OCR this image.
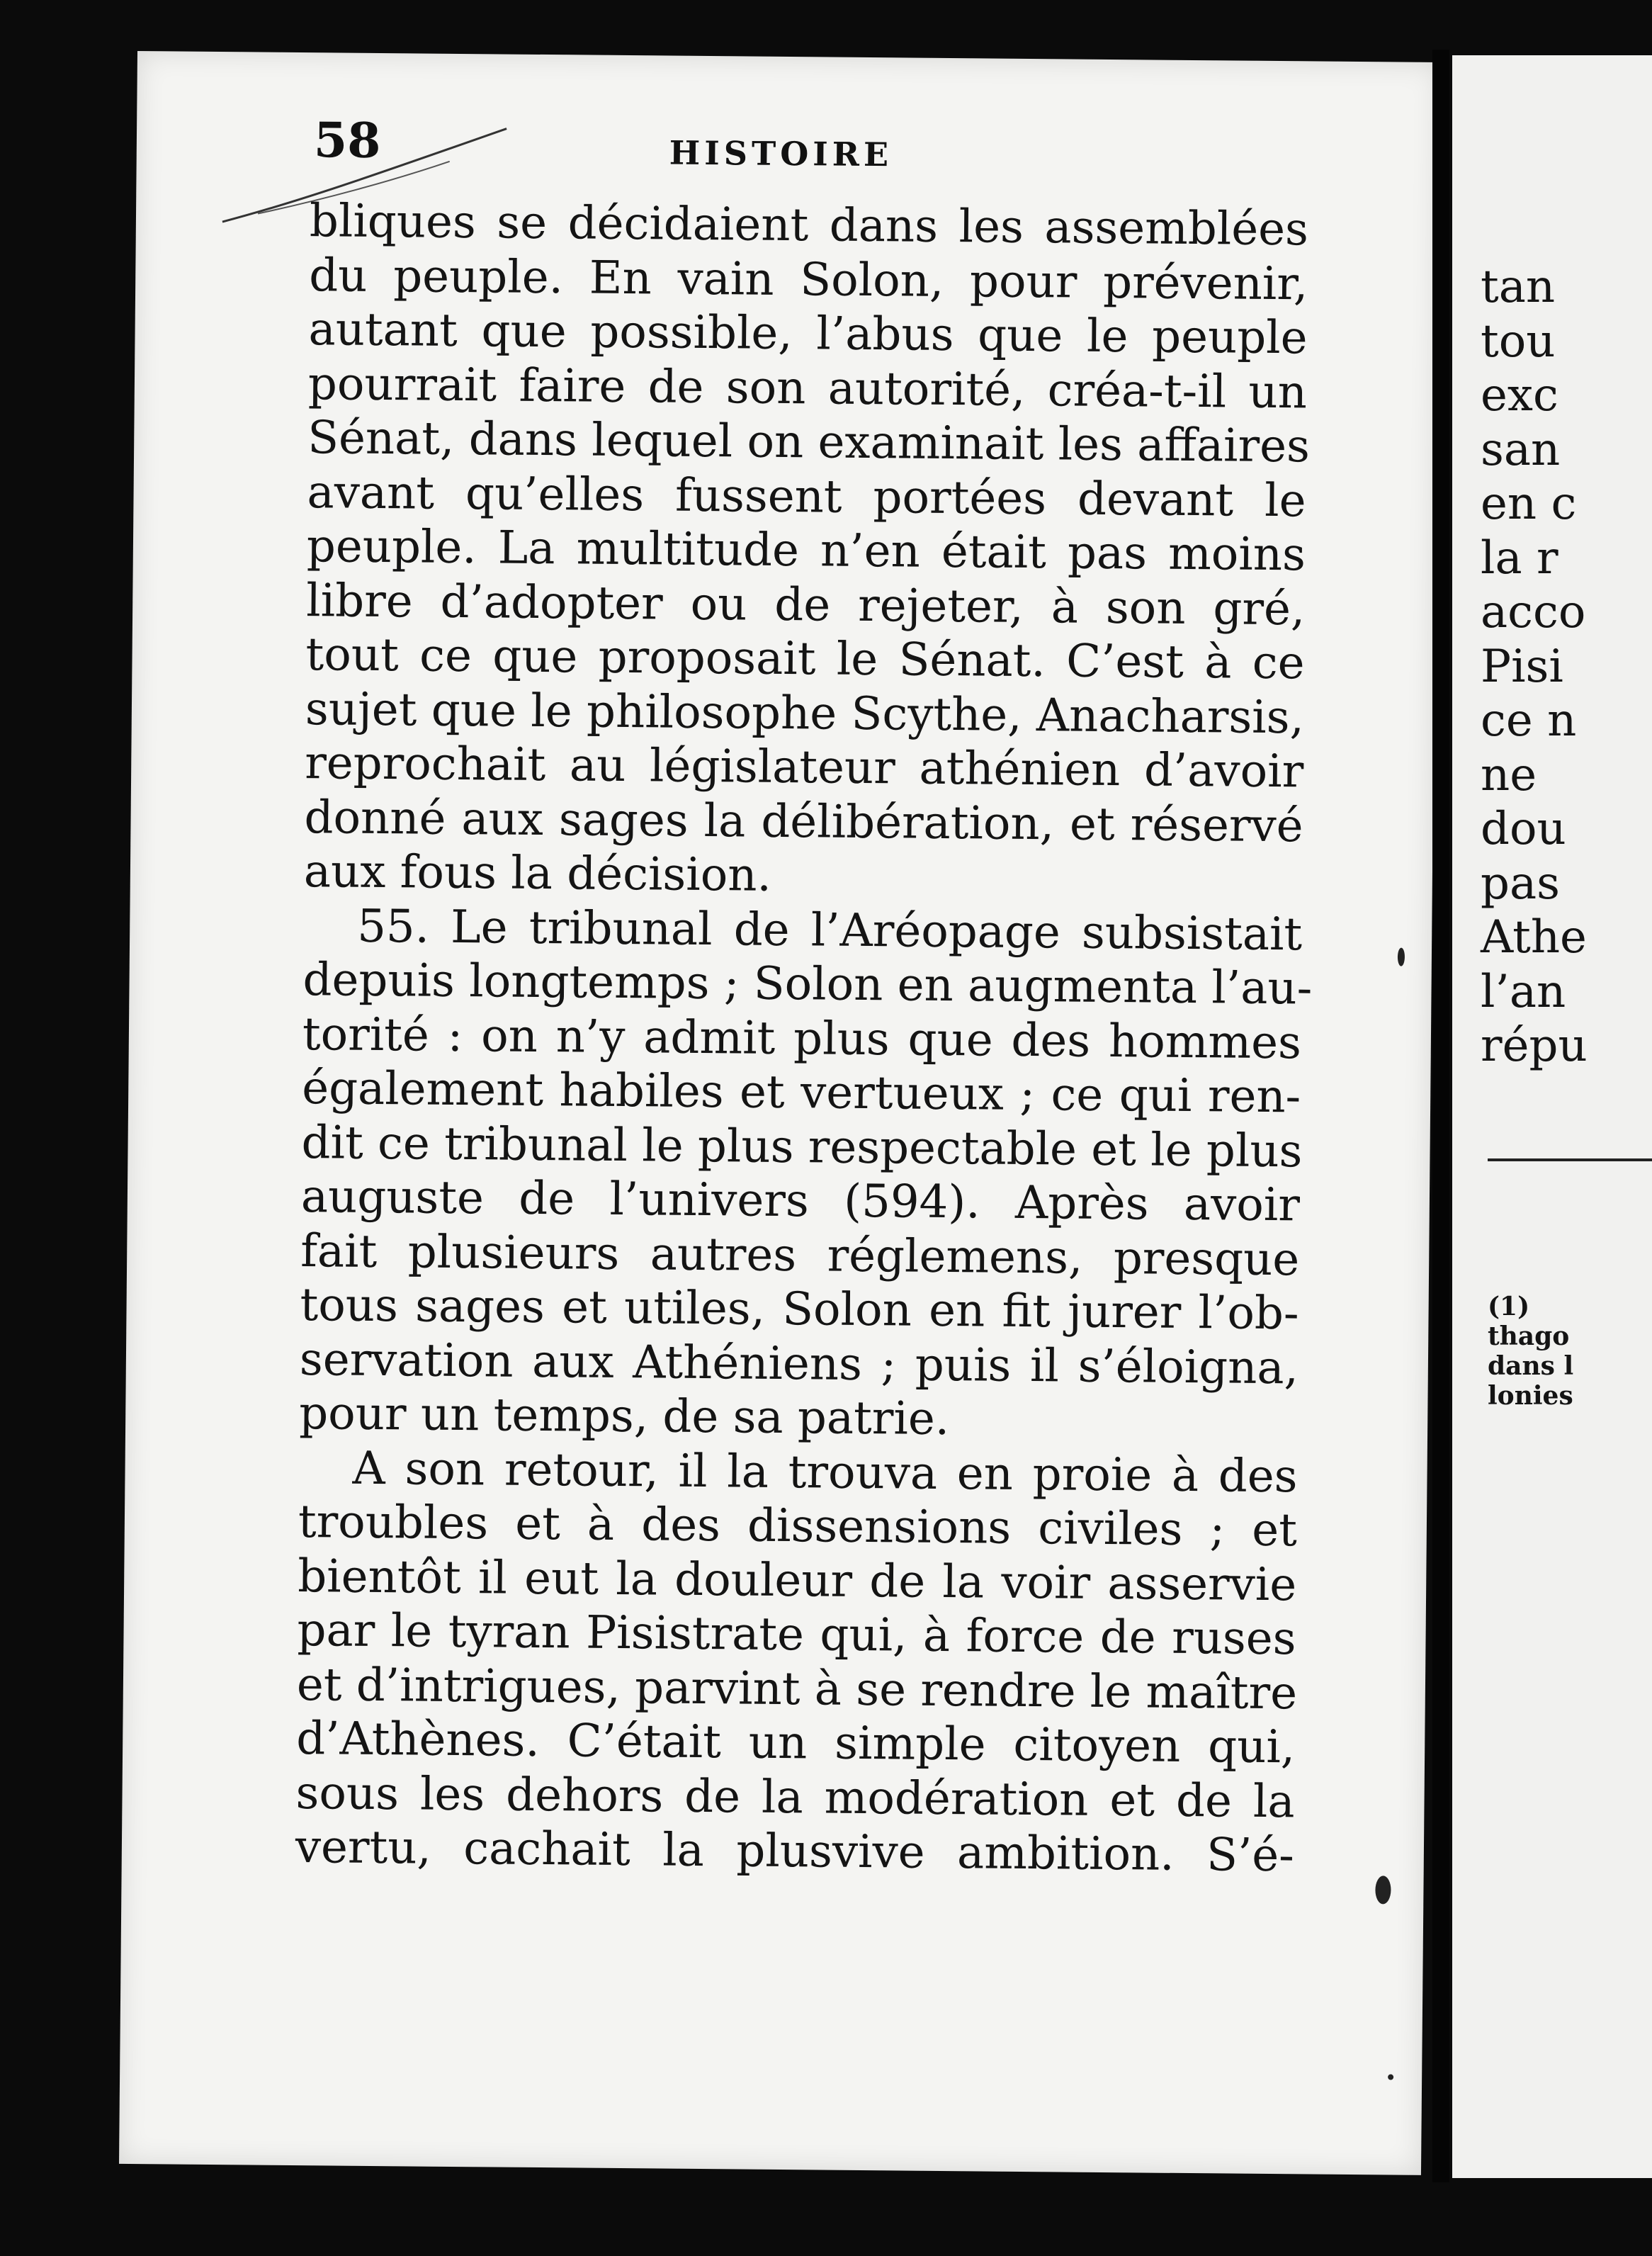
58	HISTOIRE

bliques se décidaient dans les assemblées
du peuple. En vain Solon, pour prévenir,
autant que possible, l’abus que le peuple
pourrait faire de son autorité, créa-t-il un
Sénat, dans lequel on examinait les affaires
avant qu’elles fussent portées devant le
peuple. La multitude n’en était pas moins
libre d’adopter ou de rejeter, à son gré,
tout ce que proposait le Sénat. C’est à ce
sujet que le philosophe Scythe, Anacharsis,
reprochait au législateur athénien d’avoir
donné aux sages la délibération, et réservé
aux fous la décision.
55. Le tribunal de l’Aréopage subsistait
depuis longtemps ; Solon en augmenta l’au-
torité : on n’y admit plus que des hommes
également habiles et vertueux ; ce qui ren-
dit ce tribunal le plus respectable et le plus
auguste de l’univers (594). Après avoir
fait plusieurs autres réglemens, presque
tous sages et utiles, Solon en fit jurer l’ob-
servation aux Athéniens ; puis il s’éloigna,
pour un temps, de sa patrie.
A son retour, il la trouva en proie à des
troubles et à des dissensions civiles ; et
bientôt il eut la douleur de la voir asservie
par le tyran Pisistrate qui, à force de ruses
et d’intrigues, parvint à se rendre le maître
d’Athènes. C’était un simple citoyen qui,
sous les dehors de la modération et de la
vertu, cachait la plusvive ambition. S’é-
tan
tou
exc
san
en c
la r
acco
Pisi
ce n
ne
dou
pas
Athe
l’an
répu
(1)
thago
dans l
lonies
